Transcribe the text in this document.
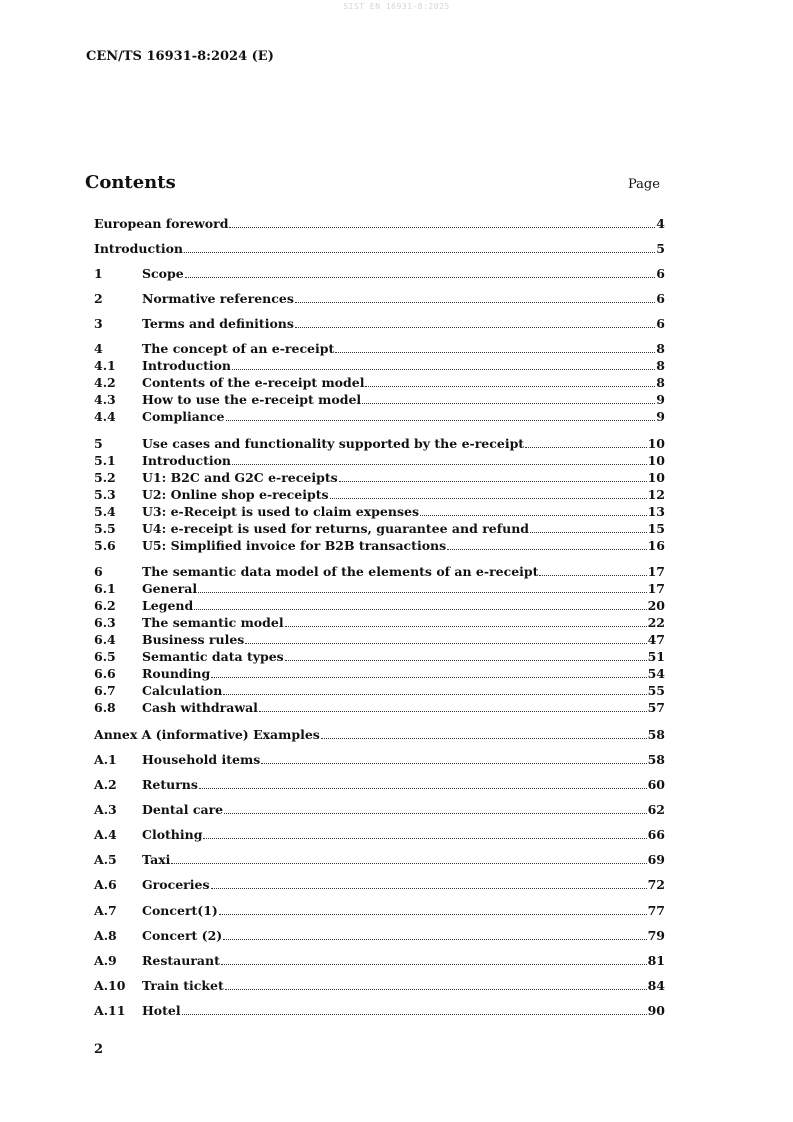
SIST EN 16931-8:2025
CEN/TS 16931-8:2024 (E)
Contents	Page
European foreword	4
Introduction	5
1	Scope	6
2	Normative references	6
3	Terms and definitions	6
4	The concept of an e-receipt	8
4.1	Introduction	8
4.2	Contents of the e-receipt model	8
4.3	How to use the e-receipt model	9
4.4	Compliance	9
5	Use cases and functionality supported by the e-receipt	10
5.1	Introduction	10
5.2	U1: B2C and G2C e-receipts	10
5.3	U2: Online shop e-receipts	12
5.4	U3: e-Receipt is used to claim expenses	13
5.5	U4: e-receipt is used for returns, guarantee and refund	15
5.6	U5: Simplified invoice for B2B transactions	16
6	The semantic data model of the elements of an e-receipt	17
6.1	General	17
6.2	Legend	20
6.3	The semantic model	22
6.4	Business rules	47
6.5	Semantic data types	51
6.6	Rounding	54
6.7	Calculation	55
6.8	Cash withdrawal	57
Annex A (informative) Examples	58
A.1	Household items	58
A.2	Returns	60
A.3	Dental care	62
A.4	Clothing	66
A.5	Taxi	69
A.6	Groceries	72
A.7	Concert(1)	77
A.8	Concert (2)	79
A.9	Restaurant	81
A.10	Train ticket	84
A.11	Hotel	90
2
